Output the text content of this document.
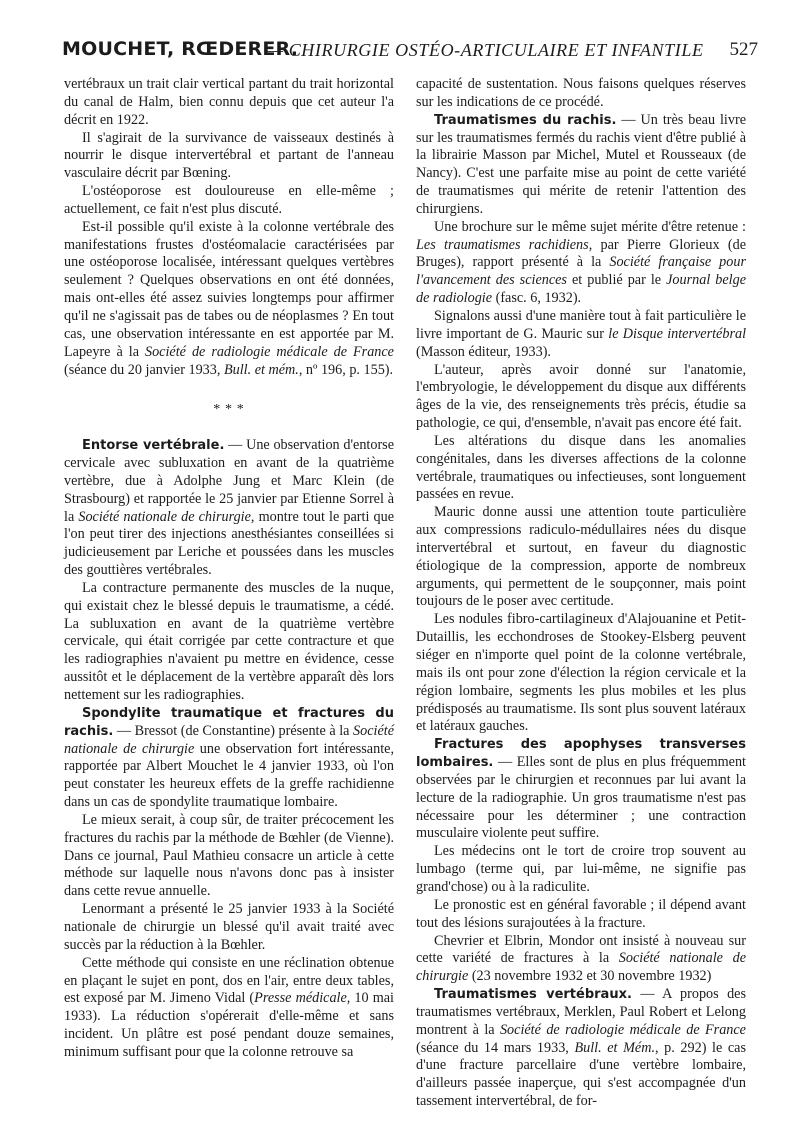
MOUCHET, RŒDERER.
— CHIRURGIE OSTÉO-ARTICULAIRE ET INFANTILE 527

vertébraux un trait clair vertical partant du trait horizontal du canal de Halm, bien connu depuis que cet auteur l'a décrit en 1922.

Il s'agirait de la survivance de vaisseaux destinés à nourrir le disque intervertébral et partant de l'anneau vasculaire décrit par Bœning.

L'ostéoporose est douloureuse en elle-même ; actuellement, ce fait n'est plus discuté.

Est-il possible qu'il existe à la colonne vertébrale des manifestations frustes d'ostéomalacie caractérisées par une ostéoporose localisée, intéressant quelques vertèbres seulement ? Quelques observations en ont été données, mais ont-elles été assez suivies longtemps pour affirmer qu'il ne s'agissait pas de tabes ou de néoplasmes ? En tout cas, une observation intéressante en est apportée par M. Lapeyre à la Société de radiologie médicale de France (séance du 20 janvier 1933, Bull. et mém., nº 196, p. 155).

* * *

Entorse vertébrale. — Une observation d'entorse cervicale avec subluxation en avant de la quatrième vertèbre, due à Adolphe Jung et Marc Klein (de Strasbourg) et rapportée le 25 janvier par Etienne Sorrel à la Société nationale de chirurgie, montre tout le parti que l'on peut tirer des injections anesthésiantes conseillées si judicieusement par Leriche et poussées dans les muscles des gouttières vertébrales.

La contracture permanente des muscles de la nuque, qui existait chez le blessé depuis le traumatisme, a cédé. La subluxation en avant de la quatrième vertèbre cervicale, qui était corrigée par cette contracture et que les radiographies n'avaient pu mettre en évidence, cesse aussitôt et le déplacement de la vertèbre apparaît dès lors nettement sur les radiographies.

Spondylite traumatique et fractures du rachis. — Bressot (de Constantine) présente à la Société nationale de chirurgie une observation fort intéressante, rapportée par Albert Mouchet le 4 janvier 1933, où l'on peut constater les heureux effets de la greffe rachidienne dans un cas de spondylite traumatique lombaire.

Le mieux serait, à coup sûr, de traiter précocement les fractures du rachis par la méthode de Bœhler (de Vienne). Dans ce journal, Paul Mathieu consacre un article à cette méthode sur laquelle nous n'avons donc pas à insister dans cette revue annuelle.

Lenormant a présenté le 25 janvier 1933 à la Société nationale de chirurgie un blessé qu'il avait traité avec succès par la réduction à la Bœhler.

Cette méthode qui consiste en une réclination obtenue en plaçant le sujet en pont, dos en l'air, entre deux tables, est exposé par M. Jimeno Vidal (Presse médicale, 10 mai 1933). La réduction s'opérerait d'elle-même et sans incident. Un plâtre est posé pendant douze semaines, minimum suffisant pour que la colonne retrouve sa

capacité de sustentation. Nous faisons quelques réserves sur les indications de ce procédé.

Traumatismes du rachis. — Un très beau livre sur les traumatismes fermés du rachis vient d'être publié à la librairie Masson par Michel, Mutel et Rousseaux (de Nancy). C'est une parfaite mise au point de cette variété de traumatismes qui mérite de retenir l'attention des chirurgiens.

Une brochure sur le même sujet mérite d'être retenue : Les traumatismes rachidiens, par Pierre Glorieux (de Bruges), rapport présenté à la Société française pour l'avancement des sciences et publié par le Journal belge de radiologie (fasc. 6, 1932).

Signalons aussi d'une manière tout à fait particulière le livre important de G. Mauric sur le Disque intervertébral (Masson éditeur, 1933).

L'auteur, après avoir donné sur l'anatomie, l'embryologie, le développement du disque aux différents âges de la vie, des renseignements très précis, étudie sa pathologie, ce qui, d'ensemble, n'avait pas encore été fait.

Les altérations du disque dans les anomalies congénitales, dans les diverses affections de la colonne vertébrale, traumatiques ou infectieuses, sont longuement passées en revue.

Mauric donne aussi une attention toute particulière aux compressions radiculo-médullaires nées du disque intervertébral et surtout, en faveur du diagnostic étiologique de la compression, apporte de nombreux arguments, qui permettent de le soupçonner, mais point toujours de le poser avec certitude.

Les nodules fibro-cartilagineux d'Alajouanine et Petit-Dutaillis, les ecchondroses de Stookey-Elsberg peuvent siéger en n'importe quel point de la colonne vertébrale, mais ils ont pour zone d'élection la région cervicale et la région lombaire, segments les plus mobiles et les plus prédisposés au traumatisme. Ils sont plus souvent latéraux et latéraux gauches.

Fractures des apophyses transverses lombaires. — Elles sont de plus en plus fréquemment observées par le chirurgien et reconnues par lui avant la lecture de la radiographie. Un gros traumatisme n'est pas nécessaire pour les déterminer ; une contraction musculaire violente peut suffire.

Les médecins ont le tort de croire trop souvent au lumbago (terme qui, par lui-même, ne signifie pas grand'chose) ou à la radiculite.

Le pronostic est en général favorable ; il dépend avant tout des lésions surajoutées à la fracture.

Chevrier et Elbrin, Mondor ont insisté à nouveau sur cette variété de fractures à la Société nationale de chirurgie (23 novembre 1932 et 30 novembre 1932)

Traumatismes vertébraux. — A propos des traumatismes vertébraux, Merklen, Paul Robert et Lelong montrent à la Société de radiologie médicale de France (séance du 14 mars 1933, Bull. et Mém., p. 292) le cas d'une fracture parcellaire d'une vertèbre lombaire, d'ailleurs passée inaperçue, qui s'est accompagnée d'un tassement intervertébral, de for-
